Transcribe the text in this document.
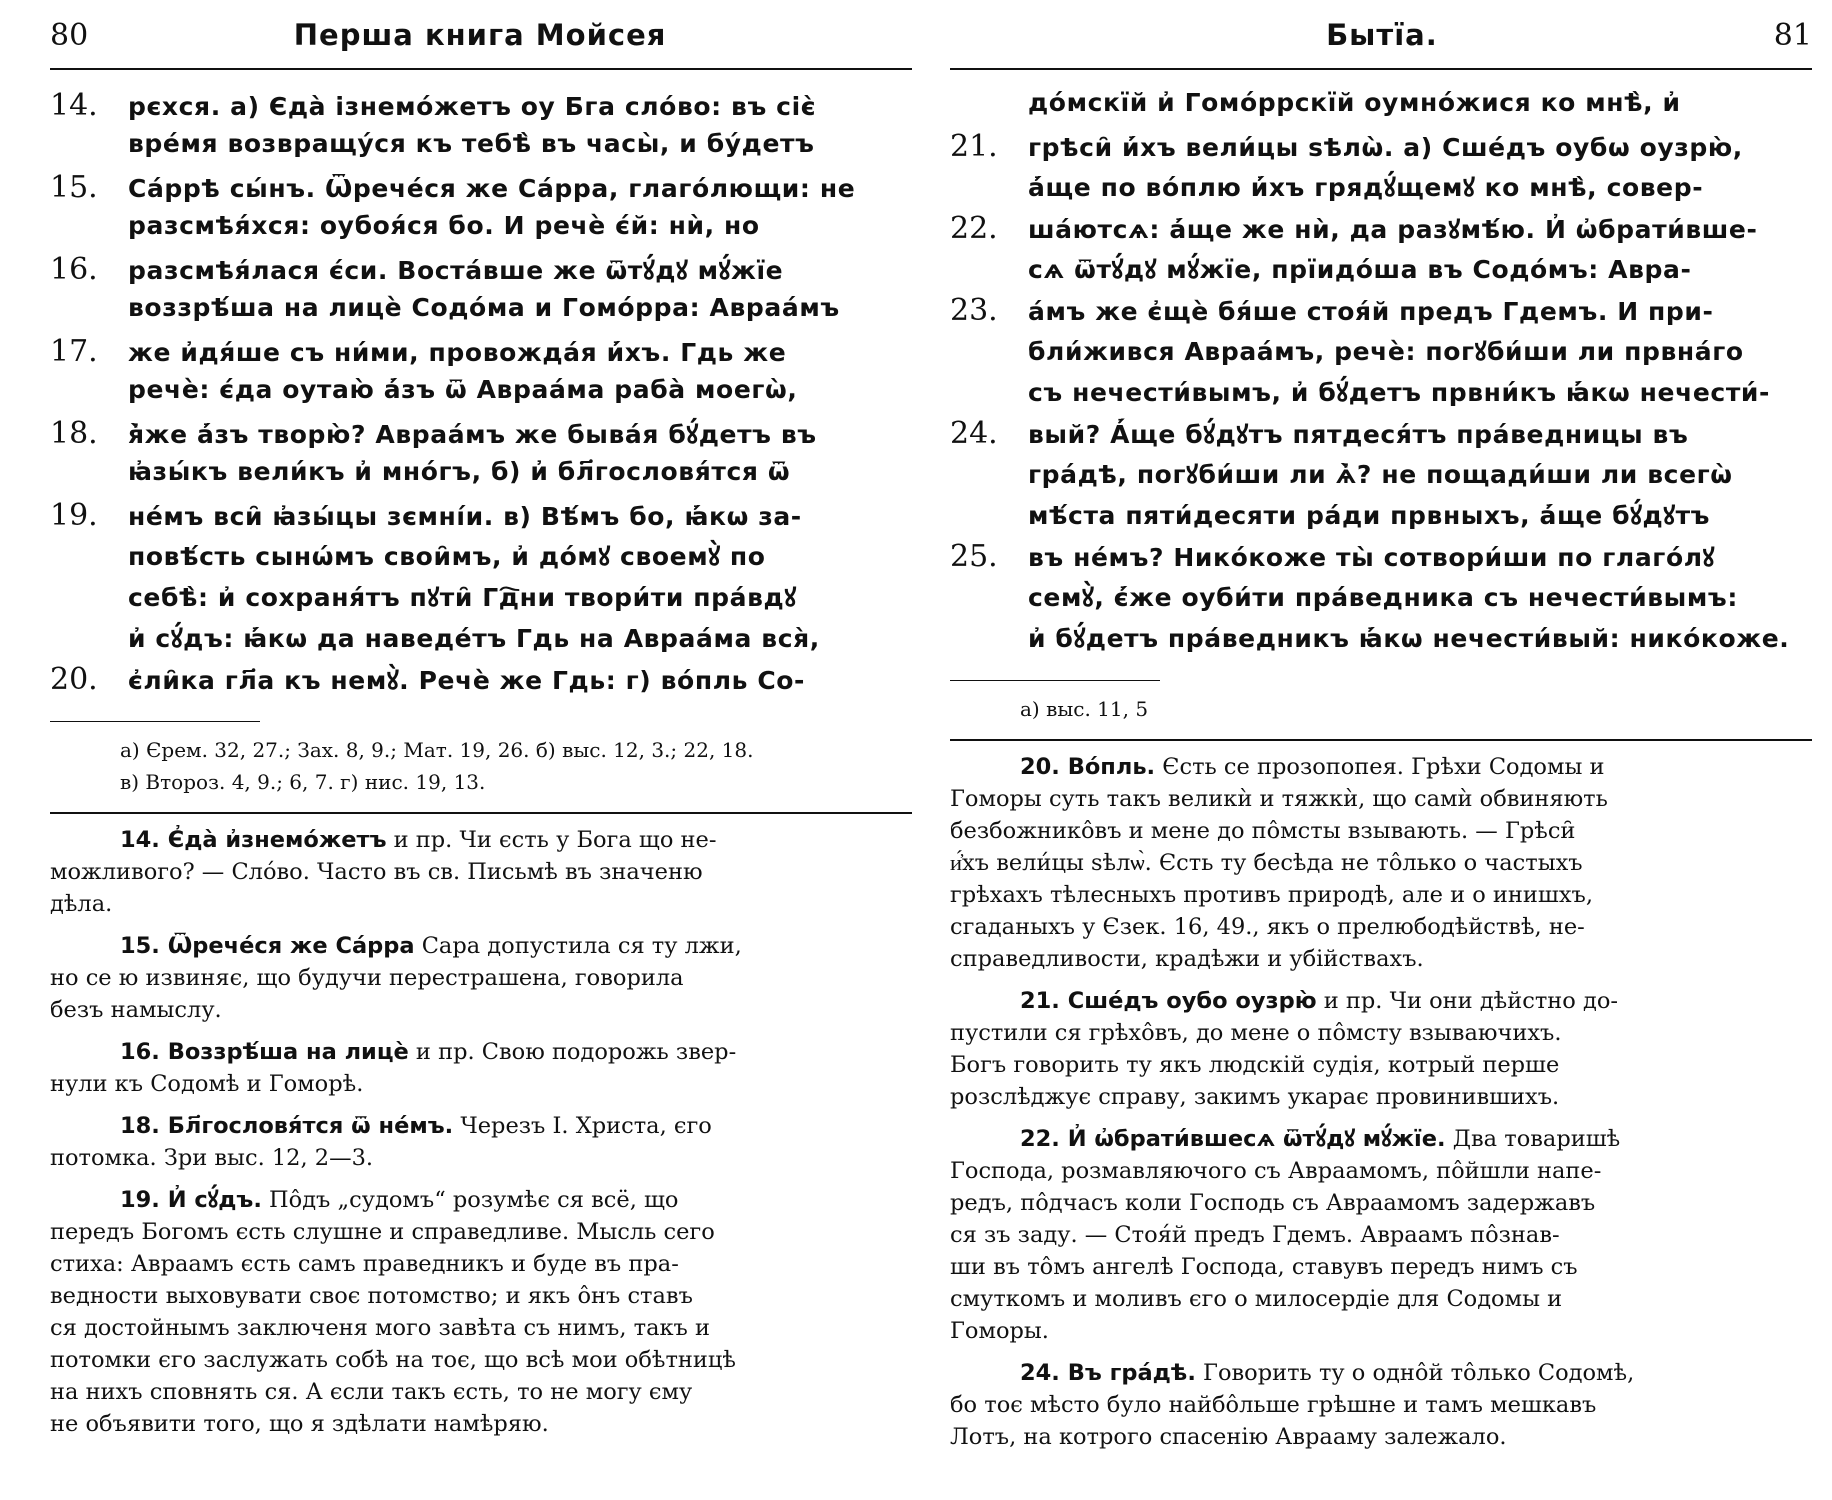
80	Перша книга Мойсея
14.	рєхся. а) Єда̀ ізнемо́жетъ оу Бга сло́во: въ сіє̀
вре́мя возвращу́ся къ тебѣ̀ въ часы̀, и бу́детъ
15.	Са́ррѣ сы́нъ. Ѿрече́ся же Са́рра, глаго́лющи: не
разсмѣя́хся: оубоя́ся бо. И речѐ є́й: нѝ, но
16.	разсмѣя́лася є́си. Воста́вше же ѿтꙋ́дꙋ мꙋ́жїе
воззрѣ́ша на лицѐ Содо́ма и Гомо́рра: Авраа́мъ
17.	же и҆дя́ше съ ни́ми, провожда́я и҆́хъ. Гдь же
речѐ: є́да оутаю̀ а҆́зъ ѿ Авраа́ма раба̀ моегѡ̀,
18.	я҆̀же а҆́зъ творю̀? Авраа́мъ же быва́я бꙋ́детъ въ
ꙗ҆зы́къ вели́къ и҆ мно́гъ, б) и҆ бл҃гословя́тся ѿ
19.	не́мъ вси̑ ꙗ҆зы́цы зємні́и. в) Вѣ́мъ бо, ꙗ҆́кѡ за-
повѣ́сть сынѡ́мъ свои̑мъ, и҆ до́мꙋ своемꙋ̀ по
себѣ̀: и҆ сохраня́тъ пꙋти̑ Гд҇ни твори́ти пра́вдꙋ
и҆ сꙋ́дъ: ꙗ҆́кѡ да наведе́тъ Гдь на Авраа́ма вся̀,
20.	є҆ли̑ка гл҃а къ немꙋ̀. Речѐ же Гдь: г) во́пль Со-
а) Єрем. 32, 27.; Зах. 8, 9.; Мат. 19, 26. б) выс. 12, 3.; 22, 18.
в) Второз. 4, 9.; 6, 7. г) нис. 19, 13.
14. Є҆да̀ и҆знемо́жетъ и пр. Чи єсть у Бога що не-
можливого? — Сло́во. Часто въ св. Письмѣ въ значеню
дѣла.
15. Ѿрече́ся же Са́рра Сара допустила ся ту лжи,
но се ю извиняє, що будучи перестрашена, говорила
безъ намыслу.
16. Воззрѣ́ша на лицѐ и пр. Свою подорожь звер-
нули къ Содомѣ и Гоморѣ.
18. Бл҃гословя́тся ѿ не́мъ. Черезъ І. Христа, єго
потомка. Зри выс. 12, 2—3.
19. И҆ сꙋ́дъ. Пôдъ „судомъ“ розумѣє ся всё, що
передъ Богомъ єсть слушне и справедливе. Мысль сего
стиха: Авраамъ єсть самъ праведникъ и буде въ пра-
ведности выховувати своє потомство; и якъ ôнъ ставъ
ся достойнымъ заключеня мого завѣта съ нимъ, такъ и
потомки єго заслужать собѣ на тоє, що всѣ мои обѣтницѣ
на нихъ сповнять ся. А єсли такъ єсть, то не могу єму
не объявити того, що я здѣлати намѣряю.
Бытїа.	81
до́мскїй и҆ Гомо́ррскїй оумно́жися ко мнѣ̀, и҆
21.	грѣси̑ и҆́хъ вели́цы ѕѣлѡ̀. а) Сше́дъ оубѡ оузрю̀,
а҆́ще по во́плю и҆́хъ грядꙋ́щемꙋ ко мнѣ̀, совер-
22.	ша́ютсѧ: а҆́ще же нѝ, да разꙋмѣ́ю. И҆ ѡ҆брати́вше-
сѧ ѿтꙋ́дꙋ мꙋ́жїе, прїидо́ша въ Содо́мъ: Авра-
23.	а́мъ же є҆щѐ бя́ше стоя́й предъ Гдемъ. И при-
бли́жився Авраа́мъ, речѐ: погꙋби́ши ли првна́го
съ нечести́вымъ, и҆ бꙋ́детъ првни́къ ꙗ҆́кѡ нечести́-
24.	вый? А҆́ще бꙋ́дꙋтъ пятдеся́тъ пра́ведницы въ
гра́дѣ, погꙋби́ши ли ѧ҆̀? не пощади́ши ли всегѡ̀
мѣ́ста пяти́десяти ра́ди првныхъ, а҆́ще бꙋ́дꙋтъ
25.	въ не́мъ? Нико́коже ты̀ сотвори́ши по глаго́лꙋ
семꙋ̀, є҆́же оуби́ти пра́ведника съ нечести́вымъ:
и҆ бꙋ́детъ пра́ведникъ ꙗ҆́кѡ нечести́вый: нико́коже.
а) выс. 11, 5
20. Во́пль. Єсть се прозопопея. Грѣхи Содомы и
Гоморы суть такъ великѝ и тяжкѝ, що самѝ обвиняють
безбожникôвъ и мене до пôмсты взывають. — Грѣси̑
и҆́хъ вели́цы ѕѣлѡ̀. Єсть ту бесѣда не тôлько о частыхъ
грѣхахъ тѣлесныхъ противъ природѣ, але и о инишхъ,
сгаданыхъ у Єзек. 16, 49., якъ о прелюбодѣйствѣ, не-
справедливости, крадѣжи и убійствахъ.
21. Сше́дъ оубо оузрю̀ и пр. Чи они дѣйстно до-
пустили ся грѣхôвъ, до мене о пôмсту взываючихъ.
Богъ говорить ту якъ людскій судія, котрый перше
розслѣджує справу, закимъ укарає провинившихъ.
22. И҆ ѡ҆брати́вшесѧ ѿтꙋ́дꙋ мꙋ́жїе. Два товаришѣ
Господа, розмавляючого съ Авраамомъ, пôйшли напе-
редъ, пôдчасъ коли Господь съ Авраамомъ задержавъ
ся зъ заду. — Стоя́й предъ Гдемъ. Авраамъ пôзнав-
ши въ тôмъ ангелѣ Господа, ставувъ передъ нимъ съ
смуткомъ и моливъ єго о милосердіе для Содомы и
Гоморы.
24. Въ гра́дѣ. Говорить ту о однôй тôлько Содомѣ,
бо тоє мѣсто було найбôльше грѣшне и тамъ мешкавъ
Лотъ, на котрого спасенію Аврааму залежало.
